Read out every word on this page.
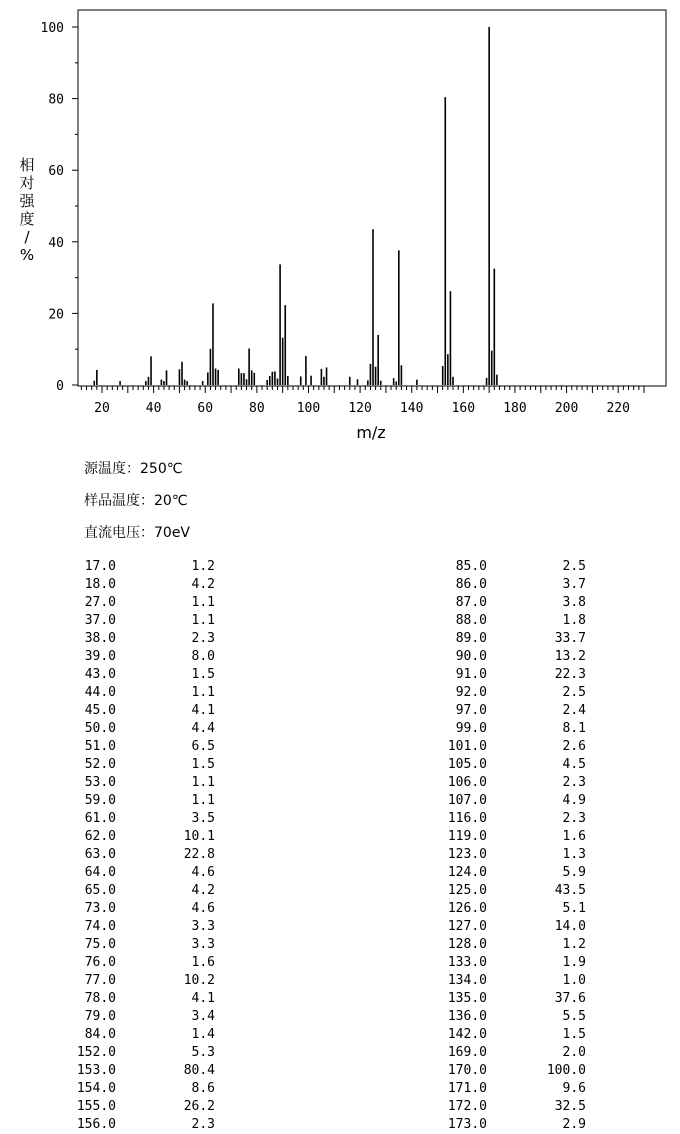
0
20
40
60
80
100
20	40	60	80 100 120 140 160 180 200 220
相对强度/ %
m/z
源温度：250℃
样品温度：20℃
直流电压：70eV
17.0	1.2
18.0	4.2
27.0	1.1
37.0	1.1
38.0	2.3
39.0	8.0
43.0	1.5
44.0	1.1
45.0	4.1
50.0	4.4
51.0	6.5
52.0	1.5
53.0	1.1
59.0	1.1
61.0	3.5
62.0	10.1
63.0	22.8
64.0	4.6
65.0	4.2
73.0	4.6
74.0	3.3
75.0	3.3
76.0	1.6
77.0	10.2
78.0	4.1
79.0	3.4
84.0	1.4
152.0	5.3
153.0	80.4
154.0	8.6
155.0	26.2
156.0	2.3
85.0	2.5
86.0	3.7
87.0	3.8
88.0	1.8
89.0	33.7
90.0	13.2
91.0	22.3
92.0	2.5
97.0	2.4
99.0	8.1
101.0	2.6
105.0	4.5
106.0	2.3
107.0	4.9
116.0	2.3
119.0	1.6
123.0	1.3
124.0	5.9
125.0	43.5
126.0	5.1
127.0	14.0
128.0	1.2
133.0	1.9
134.0	1.0
135.0	37.6
136.0	5.5
142.0	1.5
169.0	2.0
170.0	100.0
171.0	9.6
172.0	32.5
173.0	2.9
